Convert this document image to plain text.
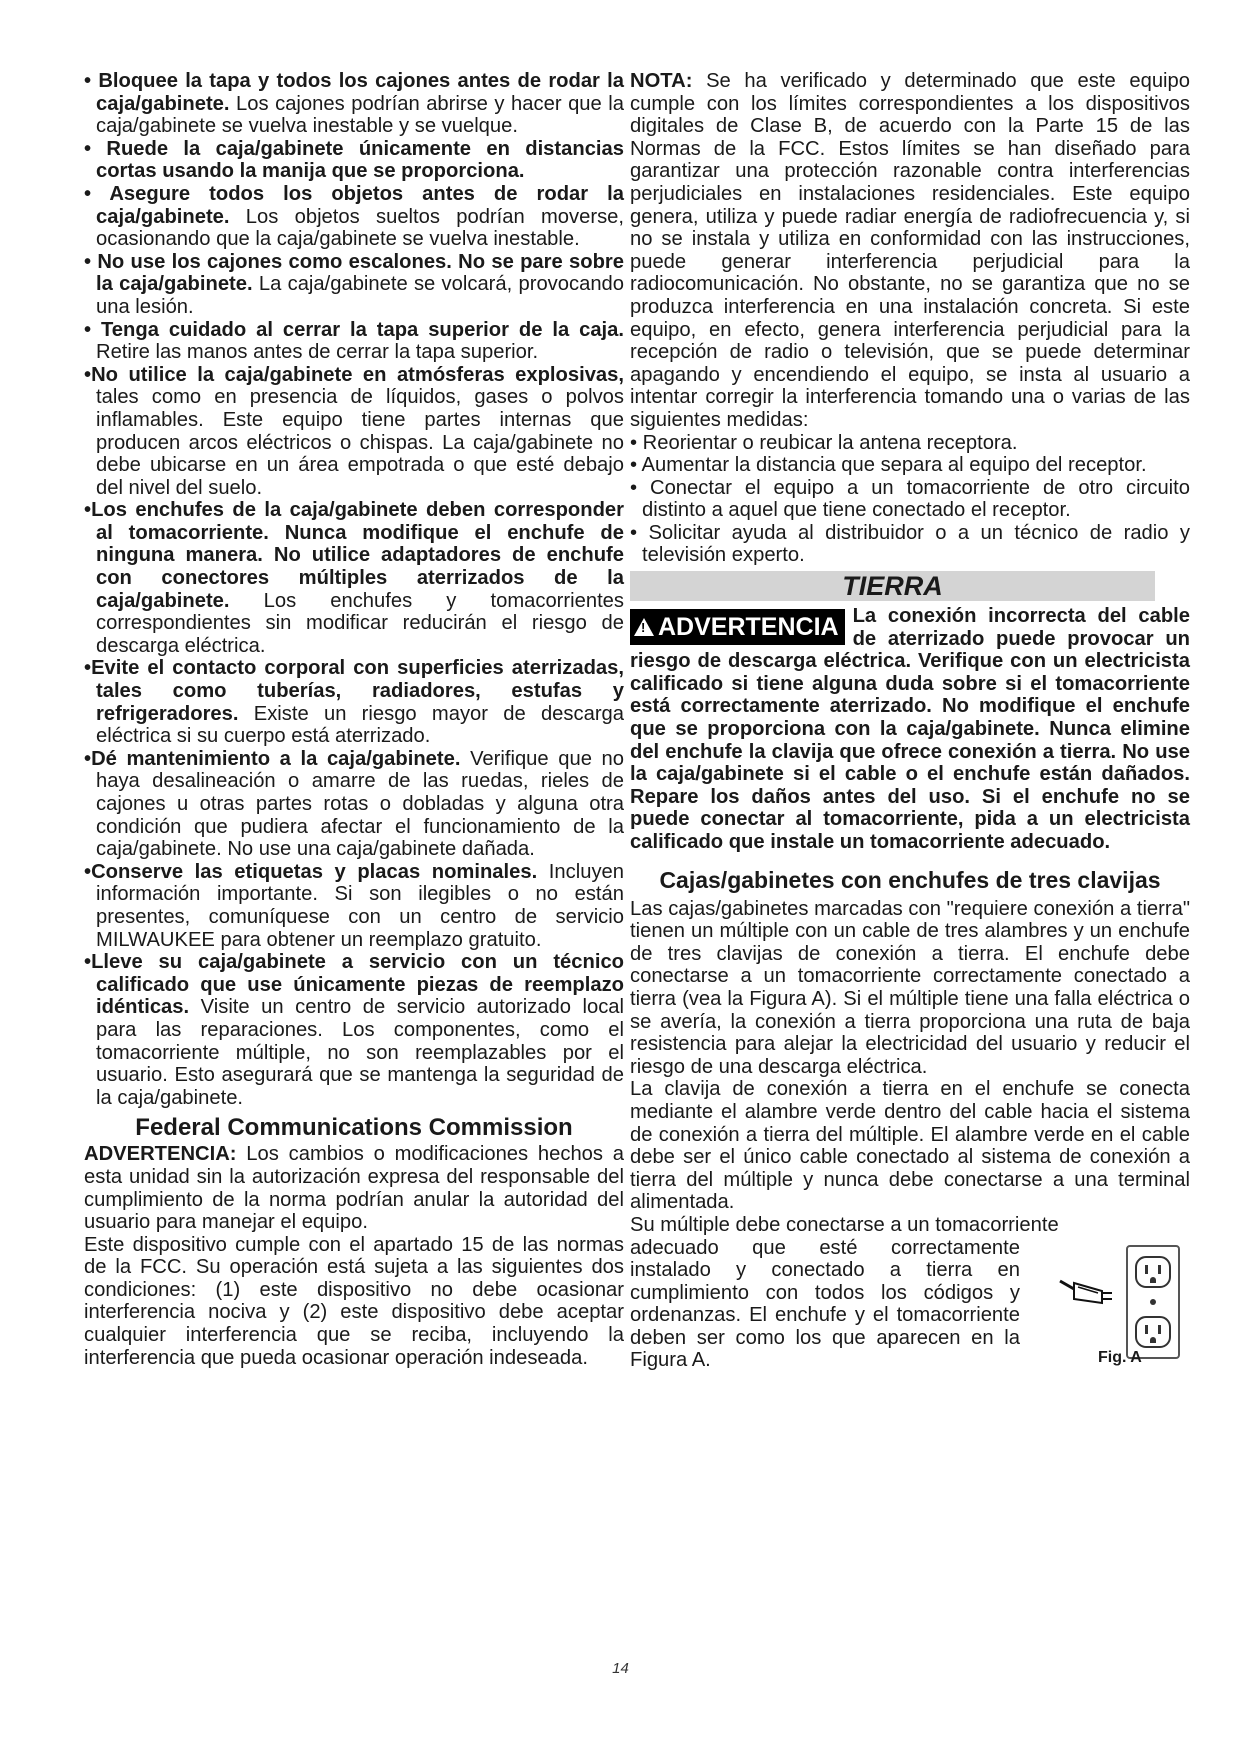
• Bloquee la tapa y todos los cajones antes de rodar la caja/gabinete. Los cajones podrían abrirse y hacer que la caja/gabinete se vuelva inestable y se vuelque.

• Ruede la caja/gabinete únicamente en distancias cortas usando la manija que se proporciona.

• Asegure todos los objetos antes de rodar la caja/gabinete. Los objetos sueltos podrían moverse, ocasionando que la caja/gabinete se vuelva inestable.

• No use los cajones como escalones. No se pare sobre la caja/gabinete. La caja/gabinete se volcará, provocando una lesión.

• Tenga cuidado al cerrar la tapa superior de la caja. Retire las manos antes de cerrar la tapa superior.

•No utilice la caja/gabinete en atmósferas explosivas, tales como en presencia de líquidos, gases o polvos inflamables. Este equipo tiene partes internas que producen arcos eléctricos o chispas. La caja/gabinete no debe ubicarse en un área empotrada o que esté debajo del nivel del suelo.

•Los enchufes de la caja/gabinete deben corresponder al tomacorriente. Nunca modifique el enchufe de ninguna manera. No utilice adaptadores de enchufe con conectores múltiples aterrizados de la caja/gabinete. Los enchufes y tomacorrientes correspondientes sin modificar reducirán el riesgo de descarga eléctrica.

•Evite el contacto corporal con superficies aterrizadas, tales como tuberías, radiadores, estufas y refrigeradores. Existe un riesgo mayor de descarga eléctrica si su cuerpo está aterrizado.

•Dé mantenimiento a la caja/gabinete. Verifique que no haya desalineación o amarre de las ruedas, rieles de cajones u otras partes rotas o dobladas y alguna otra condición que pudiera afectar el funcionamiento de la caja/gabinete. No use una caja/gabinete dañada.

•Conserve las etiquetas y placas nominales. Incluyen información importante. Si son ilegibles o no están presentes, comuníquese con un centro de servicio MILWAUKEE para obtener un reemplazo gratuito.

•Lleve su caja/gabinete a servicio con un técnico calificado que use únicamente piezas de reemplazo idénticas. Visite un centro de servicio autorizado local para las reparaciones. Los componentes, como el tomacorriente múltiple, no son reemplazables por el usuario. Esto asegurará que se mantenga la seguridad de la caja/gabinete.

Federal Communications Commission

ADVERTENCIA: Los cambios o modificaciones hechos a esta unidad sin la autorización expresa del responsable del cumplimiento de la norma podrían anular la autoridad del usuario para manejar el equipo.

Este dispositivo cumple con el apartado 15 de las normas de la FCC. Su operación está sujeta a las siguientes dos condiciones: (1) este dispositivo no debe ocasionar interferencia nociva y (2) este dispositivo debe aceptar cualquier interferencia que se reciba, incluyendo la interferencia que pueda ocasionar operación indeseada.

NOTA: Se ha verificado y determinado que este equipo cumple con los límites correspondientes a los dispositivos digitales de Clase B, de acuerdo con la Parte 15 de las Normas de la FCC. Estos límites se han diseñado para garantizar una protección razonable contra interferencias perjudiciales en instalaciones residenciales. Este equipo genera, utiliza y puede radiar energía de radiofrecuencia y, si no se instala y utiliza en conformidad con las instrucciones, puede generar interferencia perjudicial para la radiocomunicación. No obstante, no se garantiza que no se produzca interferencia en una instalación concreta. Si este equipo, en efecto, genera interferencia perjudicial para la recepción de radio o televisión, que se puede determinar apagando y encendiendo el equipo, se insta al usuario a intentar corregir la interferencia tomando una o varias de las siguientes medidas:

• Reorientar o reubicar la antena receptora.

• Aumentar la distancia que separa al equipo del receptor.

• Conectar el equipo a un tomacorriente de otro circuito distinto a aquel que tiene conectado el receptor.

• Solicitar ayuda al distribuidor o a un técnico de radio y televisión experto.

TIERRA
! ADVERTENCIA La conexión incorrecta del cable de aterrizado puede provocar un riesgo de descarga eléctrica. Verifique con un electricista calificado si tiene alguna duda sobre si el tomacorriente está correctamente aterrizado. No modifique el enchufe que se proporciona con la caja/gabinete. Nunca elimine del enchufe la clavija que ofrece conexión a tierra. No use la caja/gabinete si el cable o el enchufe están dañados. Repare los daños antes del uso. Si el enchufe no se puede conectar al tomacorriente, pida a un electricista calificado que instale un tomacorriente adecuado.
Cajas/gabinetes con enchufes de tres clavijas

Las cajas/gabinetes marcadas con "requiere conexión a tierra" tienen un múltiple con un cable de tres alambres y un enchufe de tres clavijas de conexión a tierra. El enchufe debe conectarse a un tomacorriente correctamente conectado a tierra (vea la Figura A). Si el múltiple tiene una falla eléctrica o se avería, la conexión a tierra proporciona una ruta de baja resistencia para alejar la electricidad del usuario y reducir el riesgo de una descarga eléctrica.

La clavija de conexión a tierra en el enchufe se conecta mediante el alambre verde dentro del cable hacia el sistema de conexión a tierra del múltiple. El alambre verde en el cable debe ser el único cable conectado al sistema de conexión a tierra del múltiple y nunca debe conectarse a una terminal alimentada.

Su múltiple debe conectarse a un tomacorriente

adecuado que esté correctamente instalado y conectado a tierra en cumplimiento con todos los códigos y ordenanzas. El enchufe y el tomacorriente deben ser como los que aparecen en la Figura A.	Fig. A
14
